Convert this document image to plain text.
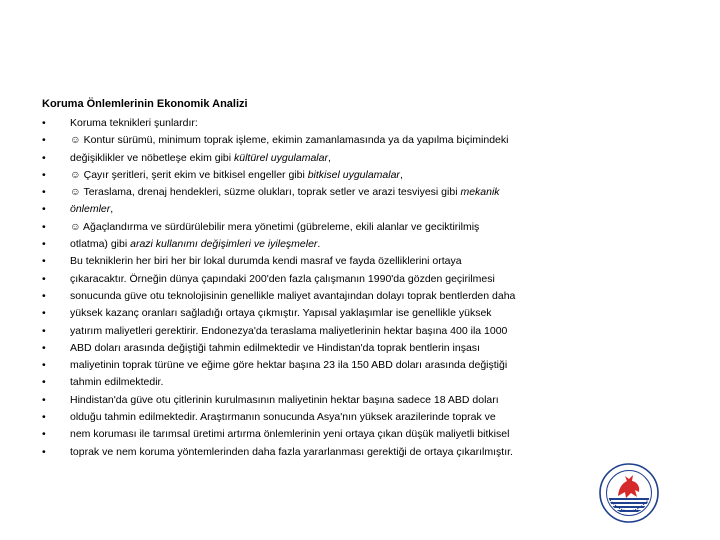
Koruma Önlemlerinin Ekonomik Analizi
•	Koruma teknikleri şunlardır:
•	☺ Kontur sürümü, minimum toprak işleme, ekimin zamanlamasında ya da yapılma biçimindeki
•	değişiklikler ve nöbetleşe ekim gibi kültürel uygulamalar,
•	☺ Çayır şeritleri, şerit ekim ve bitkisel engeller gibi bitkisel uygulamalar,
•	☺ Teraslama, drenaj hendekleri, süzme olukları, toprak setler ve arazi tesviyesi gibi mekanik
•	önlemler,
•	☺ Ağaçlandırma ve sürdürülebilir mera yönetimi (gübreleme, ekili alanlar ve geciktirilmiş
•	otlatma) gibi arazi kullanımı değişimleri ve iyileşmeler.
•	Bu tekniklerin her biri her bir lokal durumda kendi masraf ve fayda özelliklerini ortaya
•	çıkaracaktır. Örneğin dünya çapındaki 200'den fazla çalışmanın 1990'da gözden geçirilmesi
•	sonucunda güve otu teknolojisinin genellikle maliyet avantajından dolayı toprak bentlerden daha
•	yüksek kazanç oranları sağladığı ortaya çıkmıştır. Yapısal yaklaşımlar ise genellikle yüksek
•	yatırım maliyetleri gerektirir. Endonezya'da teraslama maliyetlerinin hektar başına 400 ila 1000
•	ABD doları arasında değiştiği tahmin edilmektedir ve Hindistan'da toprak bentlerin inşası
•	maliyetinin toprak türüne ve eğime göre hektar başına 23 ila 150 ABD doları arasında değiştiği
•	tahmin edilmektedir.
•	Hindistan'da güve otu çitlerinin kurulmasının maliyetinin hektar başına sadece 18 ABD doları
•	olduğu tahmin edilmektedir. Araştırmanın sonucunda Asya'nın yüksek arazilerinde toprak ve
•	nem koruması ile tarımsal üretimi artırma önlemlerinin yeni ortaya çıkan düşük maliyetli bitkisel
•	toprak ve nem koruma yöntemlerinden daha fazla yararlanması gerektiği de ortaya çıkarılmıştır.
